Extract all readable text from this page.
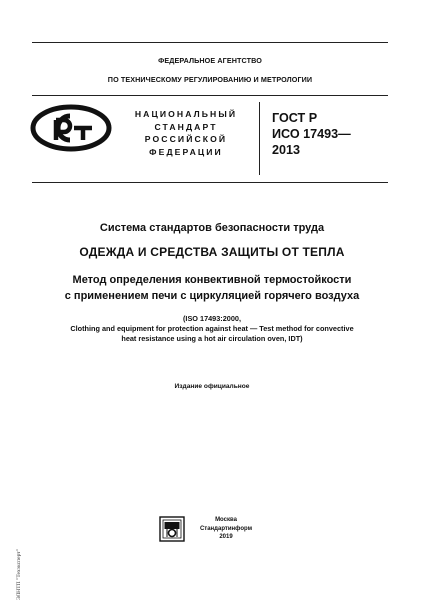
ФЕДЕРАЛЬНОЕ АГЕНТСТВО
ПО ТЕХНИЧЕСКОМУ РЕГУЛИРОВАНИЮ И МЕТРОЛОГИИ
НАЦИОНАЛЬНЫЙ
СТАНДАРТ
РОССИЙСКОЙ
ФЕДЕРАЦИИ
ГОСТ Р
ИСО 17493—
2013
Система стандартов безопасности труда
ОДЕЖДА И СРЕДСТВА ЗАЩИТЫ ОТ ТЕПЛА
Метод определения конвективной термостойкости
с применением печи с циркуляцией горячего воздуха
(ISO 17493:2000,
Clothing and equipment for protection against heat — Test method for convective
heat resistance using a hot air circulation oven, IDT)
Издание официальное
ЭЛНТП "Техэксперт"
Москва
Стандартинформ
2019
